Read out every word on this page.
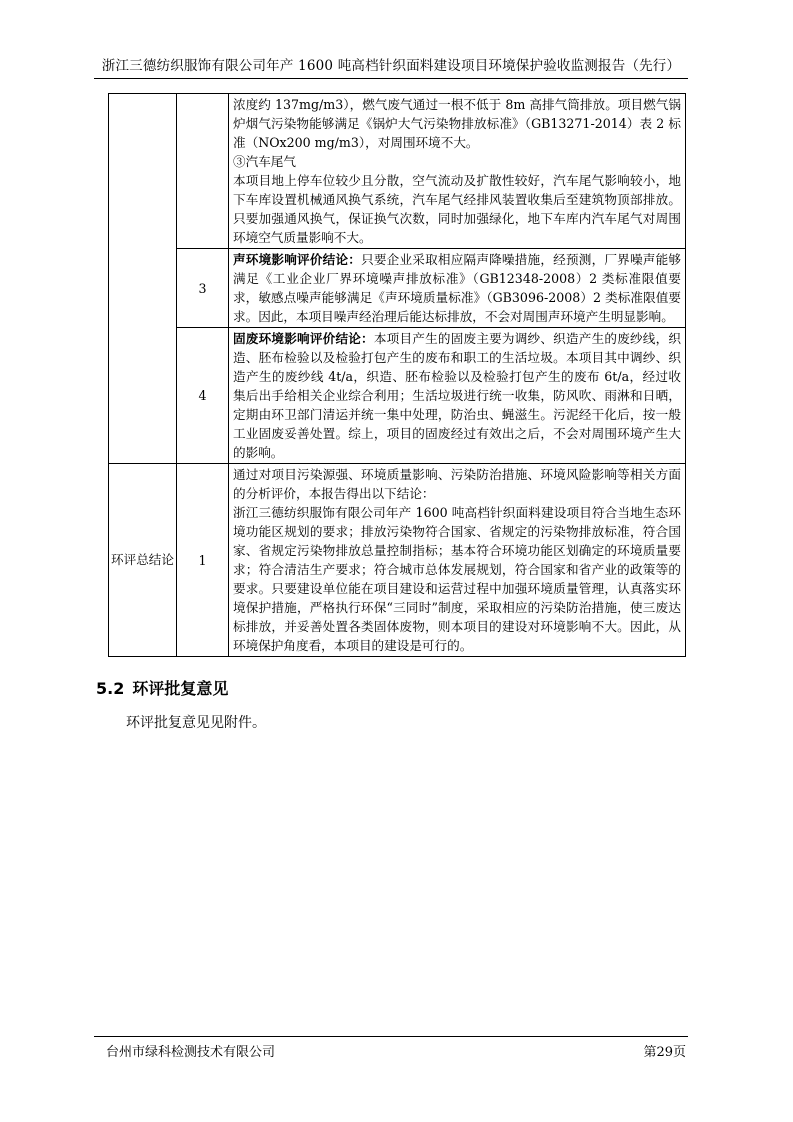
浙江三德纺织服饰有限公司年产 1600 吨高档针织面料建设项目环境保护验收监测报告（先行）

		浓度约 137mg/m3），燃气废气通过一根不低于 8m 高排气筒排放。项目燃气锅炉烟气污染物能够满足《锅炉大气污染物排放标准》（GB13271-2014）表 2 标准（NOx200 mg/m3），对周围环境不大。
③汽车尾气
本项目地上停车位较少且分散，空气流动及扩散性较好，汽车尾气影响较小，地下车库设置机械通风换气系统，汽车尾气经排风装置收集后至建筑物顶部排放。只要加强通风换气，保证换气次数，同时加强绿化，地下车库内汽车尾气对周围环境空气质量影响不大。

	3	声环境影响评价结论：只要企业采取相应隔声降噪措施，经预测，厂界噪声能够满足《工业企业厂界环境噪声排放标准》（GB12348-2008）2 类标准限值要求，敏感点噪声能够满足《声环境质量标准》（GB3096-2008）2 类标准限值要求。因此，本项目噪声经治理后能达标排放，不会对周围声环境产生明显影响。
	4	固废环境影响评价结论：本项目产生的固废主要为调纱、织造产生的废纱线，织造、胚布检验以及检验打包产生的废布和职工的生活垃圾。本项目其中调纱、织造产生的废纱线 4t/a，织造、胚布检验以及检验打包产生的废布 6t/a，经过收集后出手给相关企业综合利用；生活垃圾进行统一收集，防风吹、雨淋和日晒，定期由环卫部门清运并统一集中处理，防治虫、蝇滋生。污泥经干化后，按一般工业固废妥善处置。综上，项目的固废经过有效出之后，不会对周围环境产生大的影响。
环评总结论	1	通过对项目污染源强、环境质量影响、污染防治措施、环境风险影响等相关方面的分析评价，本报告得出以下结论：
浙江三德纺织服饰有限公司年产 1600 吨高档针织面料建设项目符合当地生态环境功能区规划的要求；排放污染物符合国家、省规定的污染物排放标准，符合国家、省规定污染物排放总量控制指标；基本符合环境功能区划确定的环境质量要求；符合清洁生产要求；符合城市总体发展规划，符合国家和省产业的政策等的要求。只要建设单位能在项目建设和运营过程中加强环境质量管理，认真落实环境保护措施，严格执行环保“三同时”制度，采取相应的污染防治措施，使三废达标排放，并妥善处置各类固体废物，则本项目的建设对环境影响不大。因此，从环境保护角度看，本项目的建设是可行的。
5.2 环评批复意见
环评批复意见见附件。
台州市绿科检测技术有限公司	第29页
